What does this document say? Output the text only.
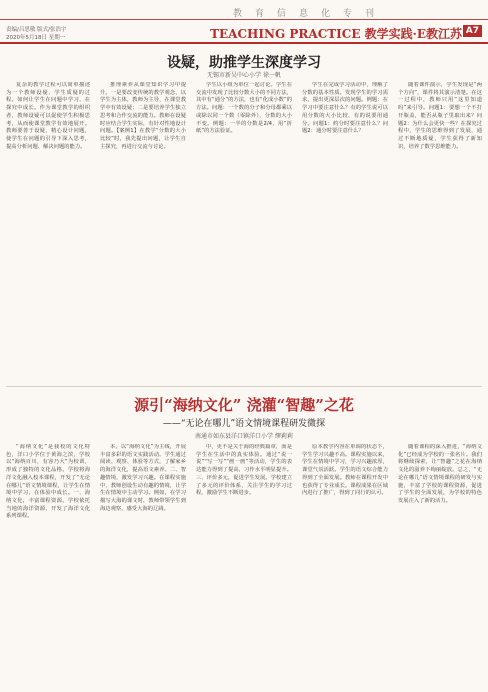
教育信息化专刊
责编/吕思敬 版式/张浩宇
2020年5月18日 星期一	TEACHING PRACTICE 教学实践·E教江苏 A7
设疑，助推学生深度学习
无锡市新吴中心小学 徐一帆

复杂的教学过程可以简单描述为一个教师设疑、学生质疑的过程。如何让学生在问题中学习、在探究中成长。作为课堂教学的组织者，教师设疑可以促使学生积极思考，从而使课堂教学有效地展开。教师要善于设疑，精心设计问题，使学生在问题的引导下深入思考，提高分析问题、解决问题的能力。

推理素养从课堂知识学习中提升。一是要改变传统的教学观念，以学生为主体，教师为主导，在课堂教学中有效设疑；二是要培养学生独立思考和合作交流的能力。教师在设疑时应结合学生实际，有针对性地设计问题。【案例1】在教学“分数的大小比较”时，我先提出问题，让学生自主探究，再进行交流与讨论。

学生以小组为单位一起讨论。学生在交流中发现了比较分数大小的不同方法，其中有“通分”的方法，也有“化成小数”的方法。问题：一个数的分子和分母都乘以或除以同一个数（零除外），分数的大小不变。例题：一半的分数是2/4，用“折纸”的方法验证。

学生在完成学习活动中，理解了分数的基本性质。发现学生的学习需求，提出更深层次的问题。例题：在学习中要注意什么？有的学生说可以用分数的大小比较，有的说要用通分。问题1：约分时要注意什么？问题2：通分时要注意什么？

随着课件演示，学生发现是“两个方向”，课件将其演示清楚。在这一过程中，教师只用“这里知道吗”来引导。问题1：要想一个不打开瓶盖，能否从瓶子里取出来？问题2：为什么会更快一些？在探究过程中，学生的思维得到了发展，通过不断地质疑，学生获得了新知识，培养了数学思维能力。

源引“海纳文化” 浇灌“智趣”之花
——“无论在哪儿”语文情境课程研发微探
南通市如东县洋口镇洋口小学 缪莉莉

“海纳文化”是我校的文化特色，洋口小学位于黄海之滨，学校以“海纳百川，有容乃大”为校训，形成了独特的文化品格。学校将海洋文化融入校本课程，开发了“无论在哪儿”语文情境课程，让学生在情境中学习，在体验中成长。一、海纳文化，丰富课程资源。学校依托当地的海洋资源，开发了海洋文化系列课程。

本，以“海纳文化”为主线，开展丰富多彩的语文实践活动。学生通过阅读、观察、体验等方式，了解家乡的海洋文化，提高语文素养。二、智趣情境，激发学习兴趣。在课程实施中，教师创设生动有趣的情境，让学生在情境中主动学习。例如，在学习描写大海的课文时，教师带领学生到海边观察，感受大海的辽阔。

中，更不是关于海的经典篇章，而是学生在生活中的真实体验。通过“说一说”“写一写”“画一画”等活动，学生的表达能力得到了提高，习作水平明显提升。三、评价多元，促进学生发展。学校建立了多元的评价体系，关注学生的学习过程，激励学生不断进步。

原本教学内容在单调的状态下，学生学习兴趣不高。课程实施以来，学生在情境中学习，学习兴趣浓厚，课堂气氛活跃。学生的语文综合能力得到了全面发展。教师在课程开发中也获得了专业成长。课程成果在区域内进行了推广，得到了同行的认可。

随着课程的深入推进，“海纳文化”已经成为学校的一张名片。我们将继续探索，让“智趣”之花在海纳文化的滋养下绚丽绽放。总之，“无论在哪儿”语文情境课程的研发与实施，丰富了学校的课程资源，促进了学生的全面发展，为学校的特色发展注入了新的活力。
